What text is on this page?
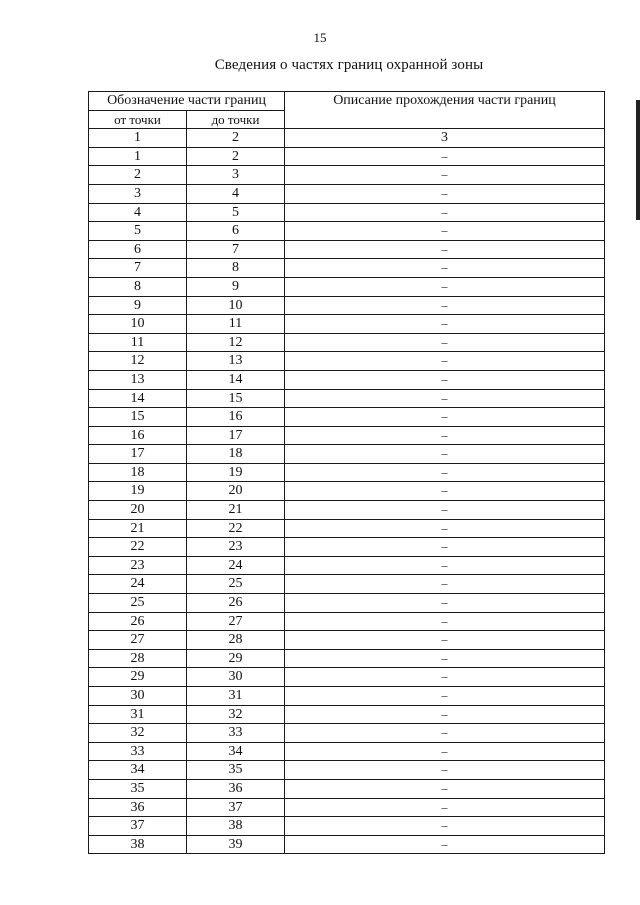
15
Сведения о частях границ охранной зоны
Обозначение части границ		Описание прохождения части границ
от точки	до точки	
1	2	3
1	2	–
2	3	–
3	4	–
4	5	–
5	6	–
6	7	–
7	8	–
8	9	–
9	10	–
10	11	–
11	12	–
12	13	–
13	14	–
14	15	–
15	16	–
16	17	–
17	18	–
18	19	–
19	20	–
20	21	–
21	22	–
22	23	–
23	24	–
24	25	–
25	26	–
26	27	–
27	28	–
28	29	–
29	30	–
30	31	–
31	32	–
32	33	–
33	34	–
34	35	–
35	36	–
36	37	–
37	38	–
38	39	–
